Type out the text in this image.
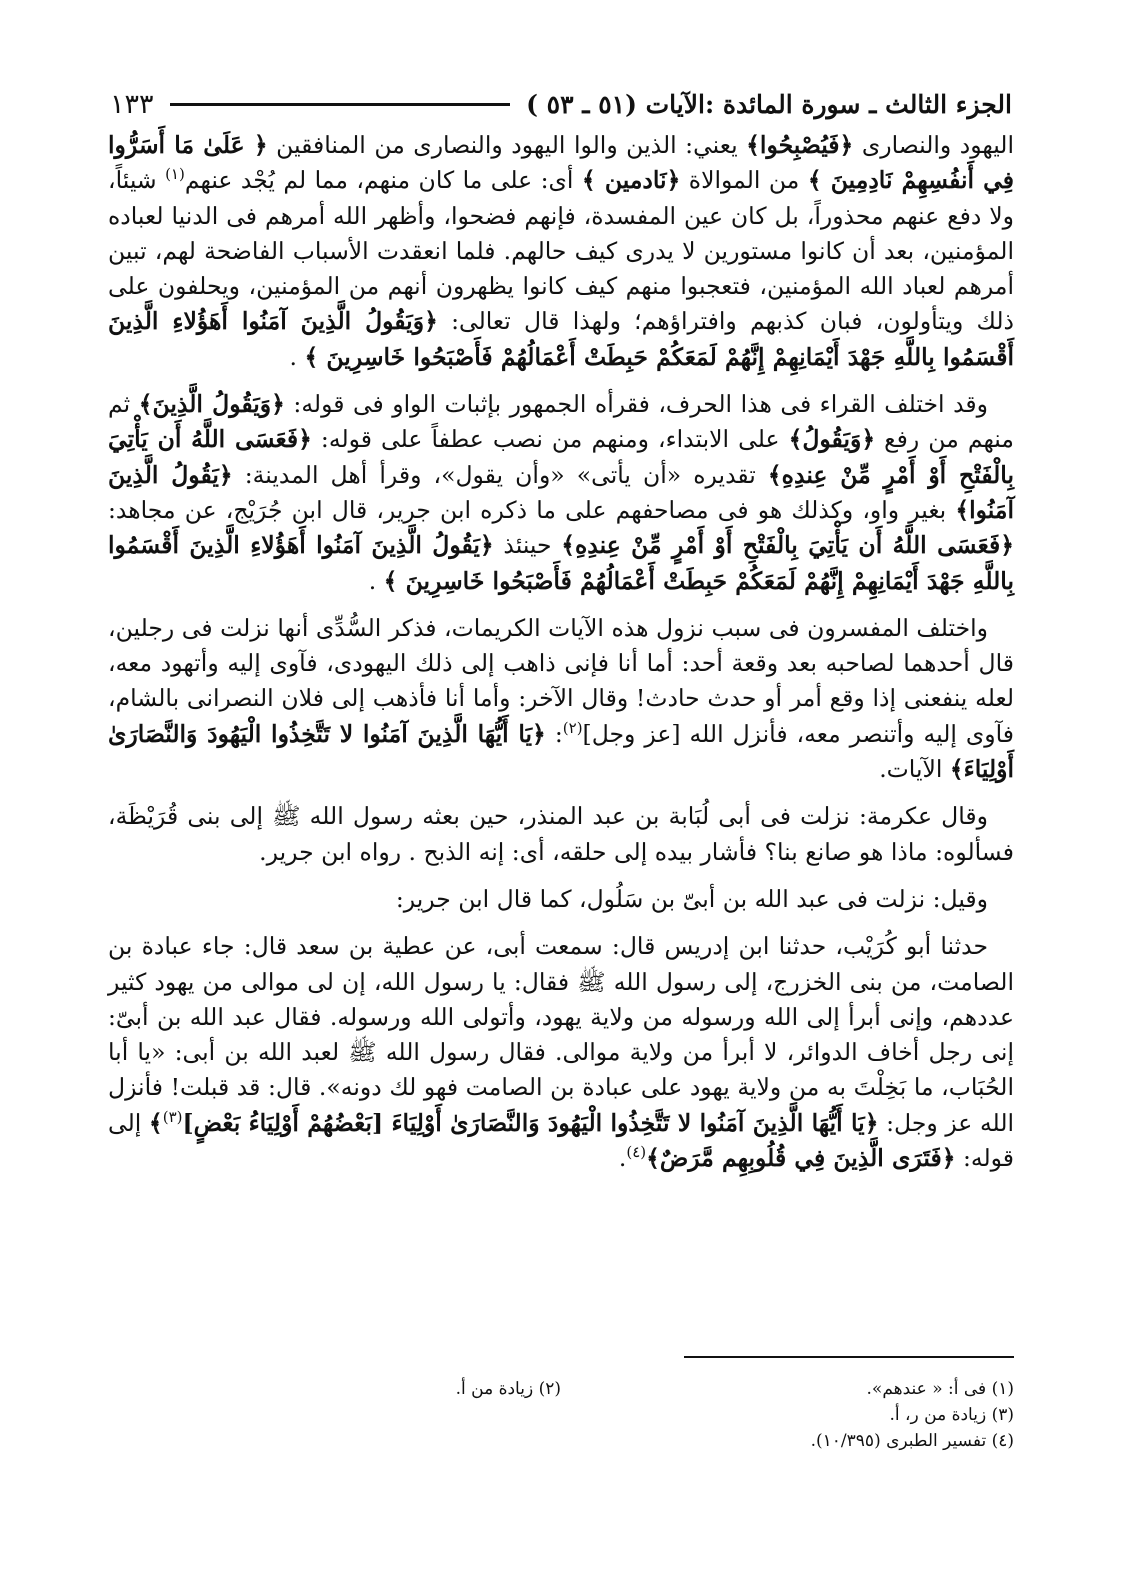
الجزء الثالث ـ سورة المائدة :الآيات (٥١ ـ ٥٣ )
١٣٣

اليهود والنصارى ﴿فَيُصْبِحُوا﴾ يعني: الذين والوا اليهود والنصارى من المنافقين ﴿ عَلَىٰ مَا أَسَرُّوا فِي أَنفُسِهِمْ نَادِمِينَ ﴾ من الموالاة ﴿نَادمين ﴾ أى: على ما كان منهم، مما لم يُجْد عنهم$^{(١)}$ شيئاً، ولا دفع عنهم محذوراً، بل كان عين المفسدة، فإنهم فضحوا، وأظهر الله أمرهم فى الدنيا لعباده المؤمنين، بعد أن كانوا مستورين لا يدرى كيف حالهم. فلما انعقدت الأسباب الفاضحة لهم، تبين أمرهم لعباد الله المؤمنين، فتعجبوا منهم كيف كانوا يظهرون أنهم من المؤمنين، ويحلفون على ذلك ويتأولون، فبان كذبهم وافتراؤهم؛ ولهذا قال تعالى: ﴿وَيَقُولُ الَّذِينَ آمَنُوا أَهَؤُلاءِ الَّذِينَ أَقْسَمُوا بِاللَّهِ جَهْدَ أَيْمَانِهِمْ إِنَّهُمْ لَمَعَكُمْ حَبِطَتْ أَعْمَالُهُمْ فَأَصْبَحُوا خَاسِرِينَ ﴾ .

وقد اختلف القراء فى هذا الحرف، فقرأه الجمهور بإثبات الواو فى قوله: ﴿وَيَقُولُ الَّذِينَ﴾ ثم منهم من رفع ﴿وَيَقُولُ﴾ على الابتداء، ومنهم من نصب عطفاً على قوله: ﴿فَعَسَى اللَّهُ أَن يَأْتِيَ بِالْفَتْحِ أَوْ أَمْرٍ مِّنْ عِندِهِ﴾ تقديره «أن يأتى» «وأن يقول»، وقرأ أهل المدينة: ﴿يَقُولُ الَّذِينَ آمَنُوا﴾ بغير واو، وكذلك هو فى مصاحفهم على ما ذكره ابن جرير، قال ابن جُرَيْج، عن مجاهد: ﴿فَعَسَى اللَّهُ أَن يَأْتِيَ بِالْفَتْحِ أَوْ أَمْرٍ مِّنْ عِندِهِ﴾ حينئذ ﴿يَقُولُ الَّذِينَ آمَنُوا أَهَؤُلاءِ الَّذِينَ أَقْسَمُوا بِاللَّهِ جَهْدَ أَيْمَانِهِمْ إِنَّهُمْ لَمَعَكُمْ حَبِطَتْ أَعْمَالُهُمْ فَأَصْبَحُوا خَاسِرِينَ ﴾ .

واختلف المفسرون فى سبب نزول هذه الآيات الكريمات، فذكر السُّدِّى أنها نزلت فى رجلين، قال أحدهما لصاحبه بعد وقعة أحد: أما أنا فإنى ذاهب إلى ذلك اليهودى، فآوى إليه وأتهود معه، لعله ينفعنى إذا وقع أمر أو حدث حادث! وقال الآخر: وأما أنا فأذهب إلى فلان النصرانى بالشام، فآوى إليه وأتنصر معه، فأنزل الله [عز وجل]$^{(٢)}$: ﴿يَا أَيُّهَا الَّذِينَ آمَنُوا لا تَتَّخِذُوا الْيَهُودَ وَالنَّصَارَىٰ أَوْلِيَاءَ﴾ الآيات.

وقال عكرمة: نزلت فى أبى لُبَابة بن عبد المنذر، حين بعثه رسول الله ﷺ إلى بنى قُرَيْظَة، فسألوه: ماذا هو صانع بنا؟ فأشار بيده إلى حلقه، أى: إنه الذبح . رواه ابن جرير.

وقيل: نزلت فى عبد الله بن أبىّ بن سَلُول، كما قال ابن جرير:

حدثنا أبو كُرَيْب، حدثنا ابن إدريس قال: سمعت أبى، عن عطية بن سعد قال: جاء عبادة بن الصامت، من بنى الخزرج، إلى رسول الله ﷺ فقال: يا رسول الله، إن لى موالى من يهود كثير عددهم، وإنى أبرأ إلى الله ورسوله من ولاية يهود، وأتولى الله ورسوله. فقال عبد الله بن أبىّ: إنى رجل أخاف الدوائر، لا أبرأ من ولاية موالى. فقال رسول الله ﷺ لعبد الله بن أبى: «يا أبا الحُبَاب، ما بَخِلْتَ به من ولاية يهود على عبادة بن الصامت فهو لك دونه». قال: قد قبلت! فأنزل الله عز وجل: ﴿يَا أَيُّهَا الَّذِينَ آمَنُوا لا تَتَّخِذُوا الْيَهُودَ وَالنَّصَارَىٰ أَوْلِيَاءَ [بَعْضُهُمْ أَوْلِيَاءُ بَعْضٍ]$^{(٣)}$﴾ إلى قوله: ﴿فَتَرَى الَّذِينَ فِي قُلُوبِهِم مَّرَضٌ﴾$^{(٤)}$.

(١) فى أ: « عندهم».
(٢) زيادة من أ.
(٣) زيادة من ر، أ.
(٤) تفسير الطبرى (١٠/٣٩٥).
